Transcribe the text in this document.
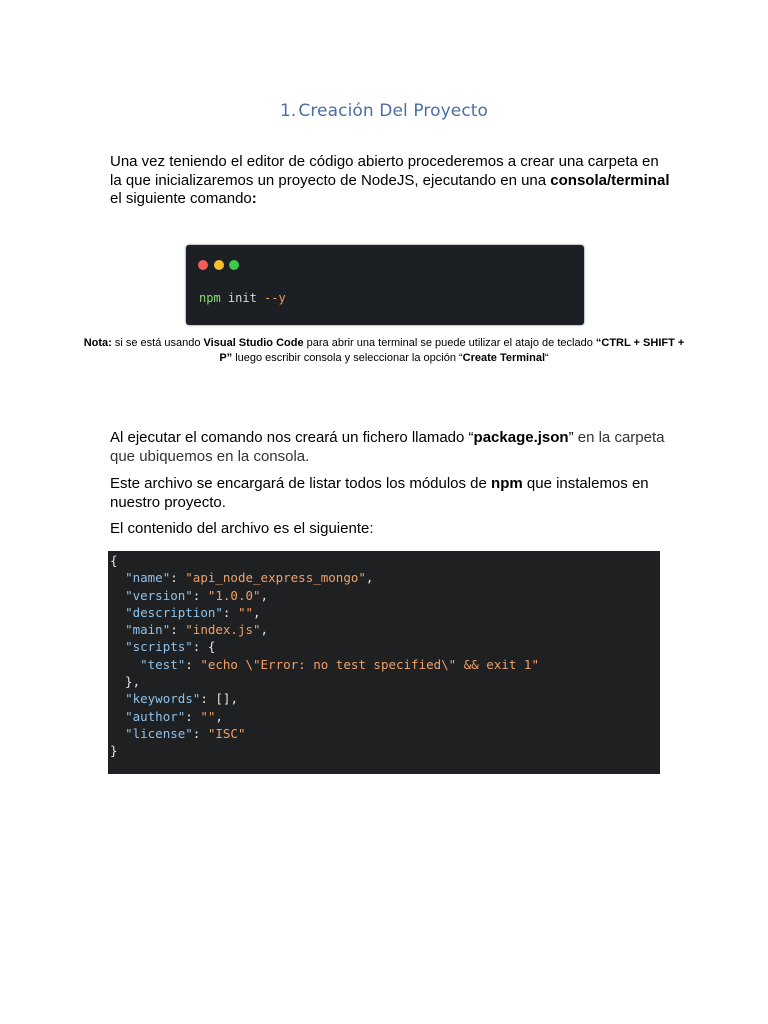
1. Creación Del Proyecto
Una vez teniendo el editor de código abierto procederemos a crear una carpeta en la que inicializaremos un proyecto de NodeJS, ejecutando en una consola/terminal el siguiente comando:
npm init --y
Nota: si se está usando Visual Studio Code para abrir una terminal se puede utilizar el atajo de teclado “CTRL + SHIFT + P” luego escribir consola y seleccionar la opción “Create Terminal“
Al ejecutar el comando nos creará un fichero llamado “package.json” en la carpeta que ubiquemos en la consola.
Este archivo se encargará de listar todos los módulos de npm que instalemos en nuestro proyecto.
El contenido del archivo es el siguiente:
{
"name": "api_node_express_mongo",
"version": "1.0.0",
"description": "",
"main": "index.js",
"scripts": {
"test": "echo \"Error: no test specified\" && exit 1"
},
"keywords": [],
"author": "",
"license": "ISC"
}
